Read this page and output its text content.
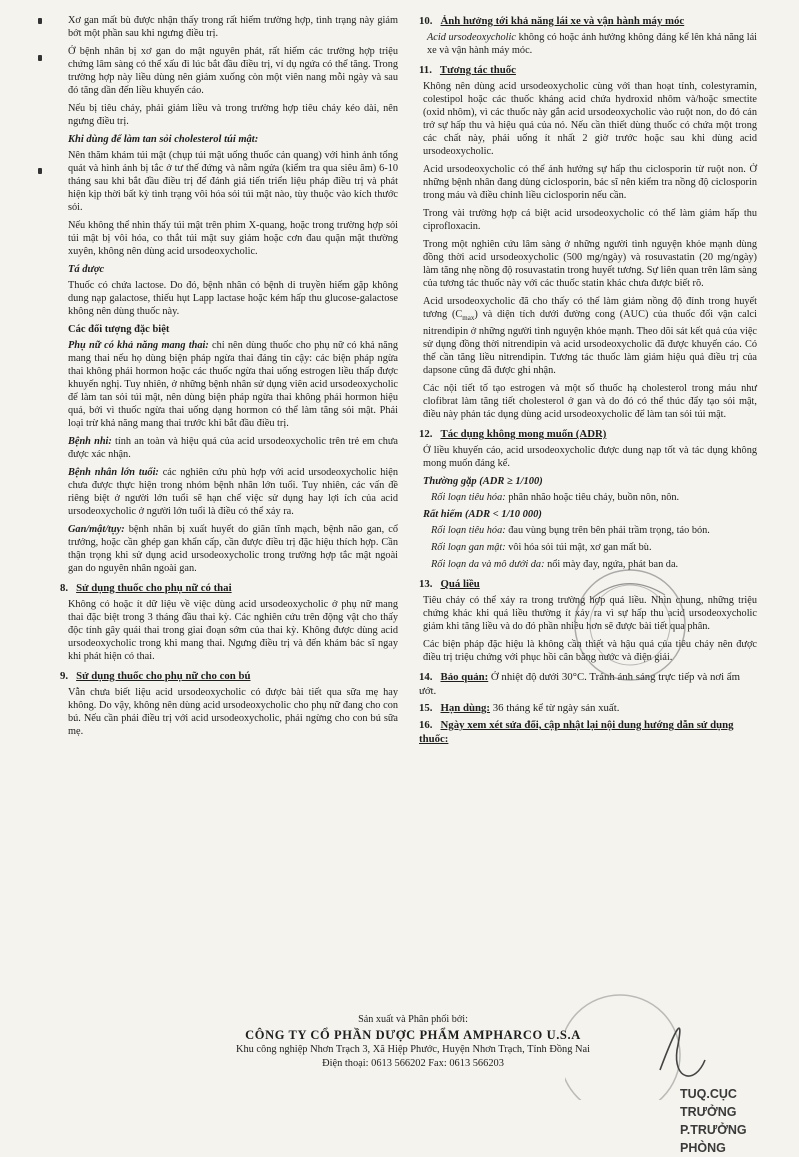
Xơ gan mất bù được nhận thấy trong rất hiếm trường hợp, tình trạng này giảm bớt một phần sau khi ngưng điều trị.

Ở bệnh nhân bị xơ gan do mật nguyên phát, rất hiếm các trường hợp triệu chứng lâm sàng có thể xấu đi lúc bắt đầu điều trị, ví dụ ngứa có thể tăng. Trong trường hợp này liều dùng nên giảm xuống còn một viên nang mỗi ngày và sau đó tăng dần đến liều khuyến cáo.

Nếu bị tiêu chảy, phải giảm liều và trong trường hợp tiêu chảy kéo dài, nên ngưng điều trị.

Khi dùng để làm tan sỏi cholesterol túi mật:

Nên thăm khám túi mật (chụp túi mật uống thuốc cản quang) với hình ảnh tổng quát và hình ảnh bị tắc ở tư thế đứng và nằm ngửa (kiểm tra qua siêu âm) 6-10 tháng sau khi bắt đầu điều trị để đánh giá tiến triển liệu pháp điều trị và phát hiện kịp thời bất kỳ tình trạng vôi hóa sỏi túi mật nào, tùy thuộc vào kích thước sỏi.

Nếu không thể nhìn thấy túi mật trên phim X-quang, hoặc trong trường hợp sỏi túi mật bị vôi hóa, co thắt túi mật suy giảm hoặc cơn đau quặn mật thường xuyên, không nên dùng acid ursodeoxycholic.

Tá dược

Thuốc có chứa lactose. Do đó, bệnh nhân có bệnh di truyền hiếm gặp không dung nạp galactose, thiếu hụt Lapp lactase hoặc kém hấp thu glucose-galactose không nên dùng thuốc này.

Các đối tượng đặc biệt

Phụ nữ có khả năng mang thai: chỉ nên dùng thuốc cho phụ nữ có khả năng mang thai nếu họ dùng biện pháp ngừa thai đáng tin cậy: các biện pháp ngừa thai không phải hormon hoặc các thuốc ngừa thai uống estrogen liều thấp được khuyến nghị. Tuy nhiên, ở những bệnh nhân sử dụng viên acid ursodeoxycholic để làm tan sỏi túi mật, nên dùng biện pháp ngừa thai không phải hormon hiệu quả, bởi vì thuốc ngừa thai uống dạng hormon có thể làm tăng sỏi mật. Phải loại trừ khả năng mang thai trước khi bắt đầu điều trị.

Bệnh nhi: tính an toàn và hiệu quả của acid ursodeoxycholic trên trẻ em chưa được xác nhận.

Bệnh nhân lớn tuổi: các nghiên cứu phù hợp với acid ursodeoxycholic hiện chưa được thực hiện trong nhóm bệnh nhân lớn tuổi. Tuy nhiên, các vấn đề riêng biệt ở người lớn tuổi sẽ hạn chế việc sử dụng hay lợi ích của acid ursodeoxycholic ở người lớn tuổi là điều có thể xảy ra.

Gan/mật/tụy: bệnh nhân bị xuất huyết do giãn tĩnh mạch, bệnh não gan, cổ trướng, hoặc cần ghép gan khẩn cấp, cần được điều trị đặc hiệu thích hợp. Cần thận trọng khi sử dụng acid ursodeoxycholic trong trường hợp tắc mật ngoài gan do nguyên nhân ngoài gan.

8. Sử dụng thuốc cho phụ nữ có thai

Không có hoặc ít dữ liệu về việc dùng acid ursodeoxycholic ở phụ nữ mang thai đặc biệt trong 3 tháng đầu thai kỳ. Các nghiên cứu trên động vật cho thấy độc tính gây quái thai trong giai đoạn sớm của thai kỳ. Không được dùng acid ursodeoxycholic trong khi mang thai. Ngưng điều trị và đến khám bác sĩ ngay khi phát hiện có thai.

9. Sử dụng thuốc cho phụ nữ cho con bú

Vẫn chưa biết liệu acid ursodeoxycholic có được bài tiết qua sữa mẹ hay không. Do vậy, không nên dùng acid ursodeoxycholic cho phụ nữ đang cho con bú. Nếu cần phải điều trị với acid ursodeoxycholic, phải ngừng cho con bú sữa mẹ.

10. Ảnh hưởng tới khả năng lái xe và vận hành máy móc

Acid ursodeoxycholic không có hoặc ảnh hưởng không đáng kể lên khả năng lái xe và vận hành máy móc.

11. Tương tác thuốc

Không nên dùng acid ursodeoxycholic cùng với than hoạt tính, colestyramin, colestipol hoặc các thuốc kháng acid chứa hydroxid nhôm và/hoặc smectite (oxid nhôm), vì các thuốc này gắn acid ursodeoxycholic vào ruột non, do đó cản trở sự hấp thu và hiệu quả của nó. Nếu cần thiết dùng thuốc có chứa một trong các chất này, phải uống ít nhất 2 giờ trước hoặc sau khi dùng acid ursodeoxycholic.

Acid ursodeoxycholic có thể ảnh hưởng sự hấp thu ciclosporin từ ruột non. Ở những bệnh nhân đang dùng ciclosporin, bác sĩ nên kiểm tra nồng độ ciclosporin trong máu và điều chỉnh liều ciclosporin nếu cần.

Trong vài trường hợp cá biệt acid ursodeoxycholic có thể làm giảm hấp thu ciprofloxacin.

Trong một nghiên cứu lâm sàng ở những người tình nguyện khỏe mạnh dùng đồng thời acid ursodeoxycholic (500 mg/ngày) và rosuvastatin (20 mg/ngày) làm tăng nhẹ nồng độ rosuvastatin trong huyết tương. Sự liên quan trên lâm sàng của tương tác thuốc này với các thuốc statin khác chưa được biết rõ.

Acid ursodeoxycholic đã cho thấy có thể làm giảm nồng độ đỉnh trong huyết tương $(C_{max})$ và diện tích dưới đường cong (AUC) của thuốc đối vận calci nitrendipin ở những người tình nguyện khỏe mạnh. Theo dõi sát kết quả của việc sử dụng đồng thời nitrendipin và acid ursodeoxycholic đã được khuyến cáo. Có thể cần tăng liều nitrendipin. Tương tác thuốc làm giảm hiệu quả điều trị của dapsone cũng đã được ghi nhận.

Các nội tiết tố tạo estrogen và một số thuốc hạ cholesterol trong máu như clofibrat làm tăng tiết cholesterol ở gan và do đó có thể thúc đẩy tạo sỏi mật, điều này phản tác dụng dùng acid ursodeoxycholic để làm tan sỏi túi mật.

12. Tác dụng không mong muốn (ADR)

Ở liều khuyến cáo, acid ursodeoxycholic được dung nạp tốt và tác dụng không mong muốn đáng kể.

Thường gặp (ADR ≥ 1/100)
Rối loạn tiêu hóa: phân nhão hoặc tiêu chảy, buồn nôn, nôn.
Rất hiếm (ADR < 1/10 000)
Rối loạn tiêu hóa: đau vùng bụng trên bên phải trầm trọng, táo bón.
Rối loạn gan mật: vôi hóa sỏi túi mật, xơ gan mất bù.
Rối loạn da và mô dưới da: nổi mày đay, ngứa, phát ban da.
13. Quá liều

Tiêu chảy có thể xảy ra trong trường hợp quá liều. Nhìn chung, những triệu chứng khác khi quá liều thường ít xảy ra vì sự hấp thu acid ursodeoxycholic giảm khi tăng liều và do đó phần nhiều hơn sẽ được bài tiết qua phân.

Các biện pháp đặc hiệu là không cần thiết và hậu quả của tiêu chảy nên được điều trị triệu chứng với phục hồi cân bằng nước và điện giải.

14. Bảo quản: Ở nhiệt độ dưới 30°C. Tránh ánh sáng trực tiếp và nơi ẩm ướt.
15. Hạn dùng: 36 tháng kể từ ngày sản xuất.
16. Ngày xem xét sửa đổi, cập nhật lại nội dung hướng dẫn sử dụng thuốc:
Sản xuất và Phân phối bởi:
CÔNG TY CỔ PHẦN DƯỢC PHẨM AMPHARCO U.S.A
Khu công nghiệp Nhơn Trạch 3, Xã Hiệp Phước, Huyện Nhơn Trạch, Tỉnh Đồng Nai
Điện thoại: 0613 566202 Fax: 0613 566203
TUQ.CỤC TRƯỞNG
P.TRƯỞNG PHÒNG
